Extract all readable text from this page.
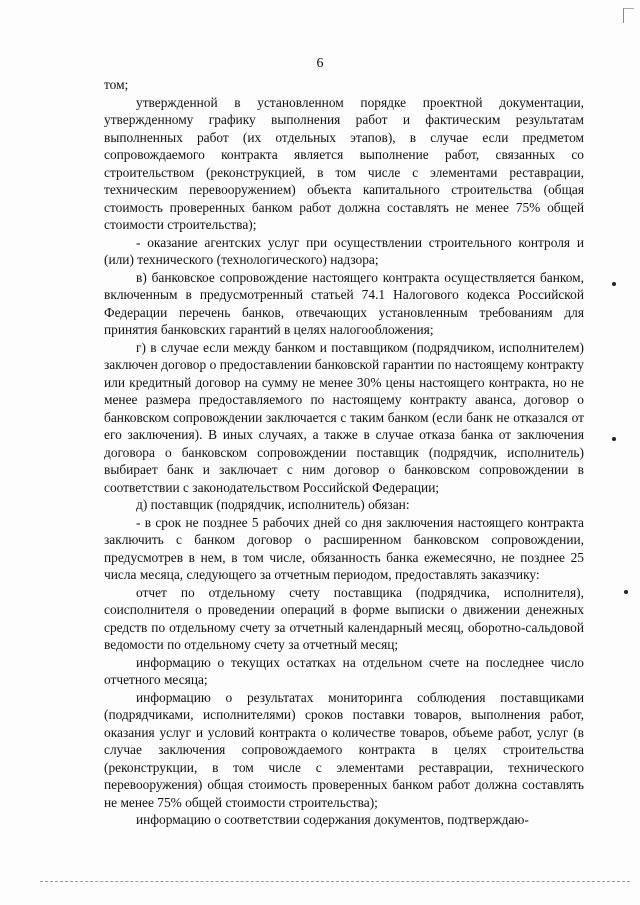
6

том;

утвержденной в установленном порядке проектной документации, утвержденному графику выполнения работ и фактическим результатам выполненных работ (их отдельных этапов), в случае если предметом сопровождаемого контракта является выполнение работ, связанных со строительством (реконструкцией, в том числе с элементами реставрации, техническим перевооружением) объекта капитального строительства (общая стоимость проверенных банком работ должна составлять не менее 75% общей стоимости строительства);

- оказание агентских услуг при осуществлении строительного контроля и (или) технического (технологического) надзора;

в) банковское сопровождение настоящего контракта осуществляется банком, включенным в предусмотренный статьей 74.1 Налогового кодекса Российской Федерации перечень банков, отвечающих установленным требованиям для принятия банковских гарантий в целях налогообложения;

г) в случае если между банком и поставщиком (подрядчиком, исполнителем) заключен договор о предоставлении банковской гарантии по настоящему контракту или кредитный договор на сумму не менее 30% цены настоящего контракта, но не менее размера предоставляемого по настоящему контракту аванса, договор о банковском сопровождении заключается с таким банком (если банк не отказался от его заключения). В иных случаях, а также в случае отказа банка от заключения договора о банковском сопровождении поставщик (подрядчик, исполнитель) выбирает банк и заключает с ним договор о банковском сопровождении в соответствии с законодательством Российской Федерации;

д) поставщик (подрядчик, исполнитель) обязан:

- в срок не позднее 5 рабочих дней со дня заключения настоящего контракта заключить с банком договор о расширенном банковском сопровождении, предусмотрев в нем, в том числе, обязанность банка ежемесячно, не позднее 25 числа месяца, следующего за отчетным периодом, предоставлять заказчику:

отчет по отдельному счету поставщика (подрядчика, исполнителя), соисполнителя о проведении операций в форме выписки о движении денежных средств по отдельному счету за отчетный календарный месяц, оборотно-сальдовой ведомости по отдельному счету за отчетный месяц;

информацию о текущих остатках на отдельном счете на последнее число отчетного месяца;

информацию о результатах мониторинга соблюдения поставщиками (подрядчиками, исполнителями) сроков поставки товаров, выполнения работ, оказания услуг и условий контракта о количестве товаров, объеме работ, услуг (в случае заключения сопровождаемого контракта в целях строительства (реконструкции, в том числе с элементами реставрации, технического перевооружения) общая стоимость проверенных банком работ должна составлять не менее 75% общей стоимости строительства);

информацию о соответствии содержания документов, подтверждаю-
